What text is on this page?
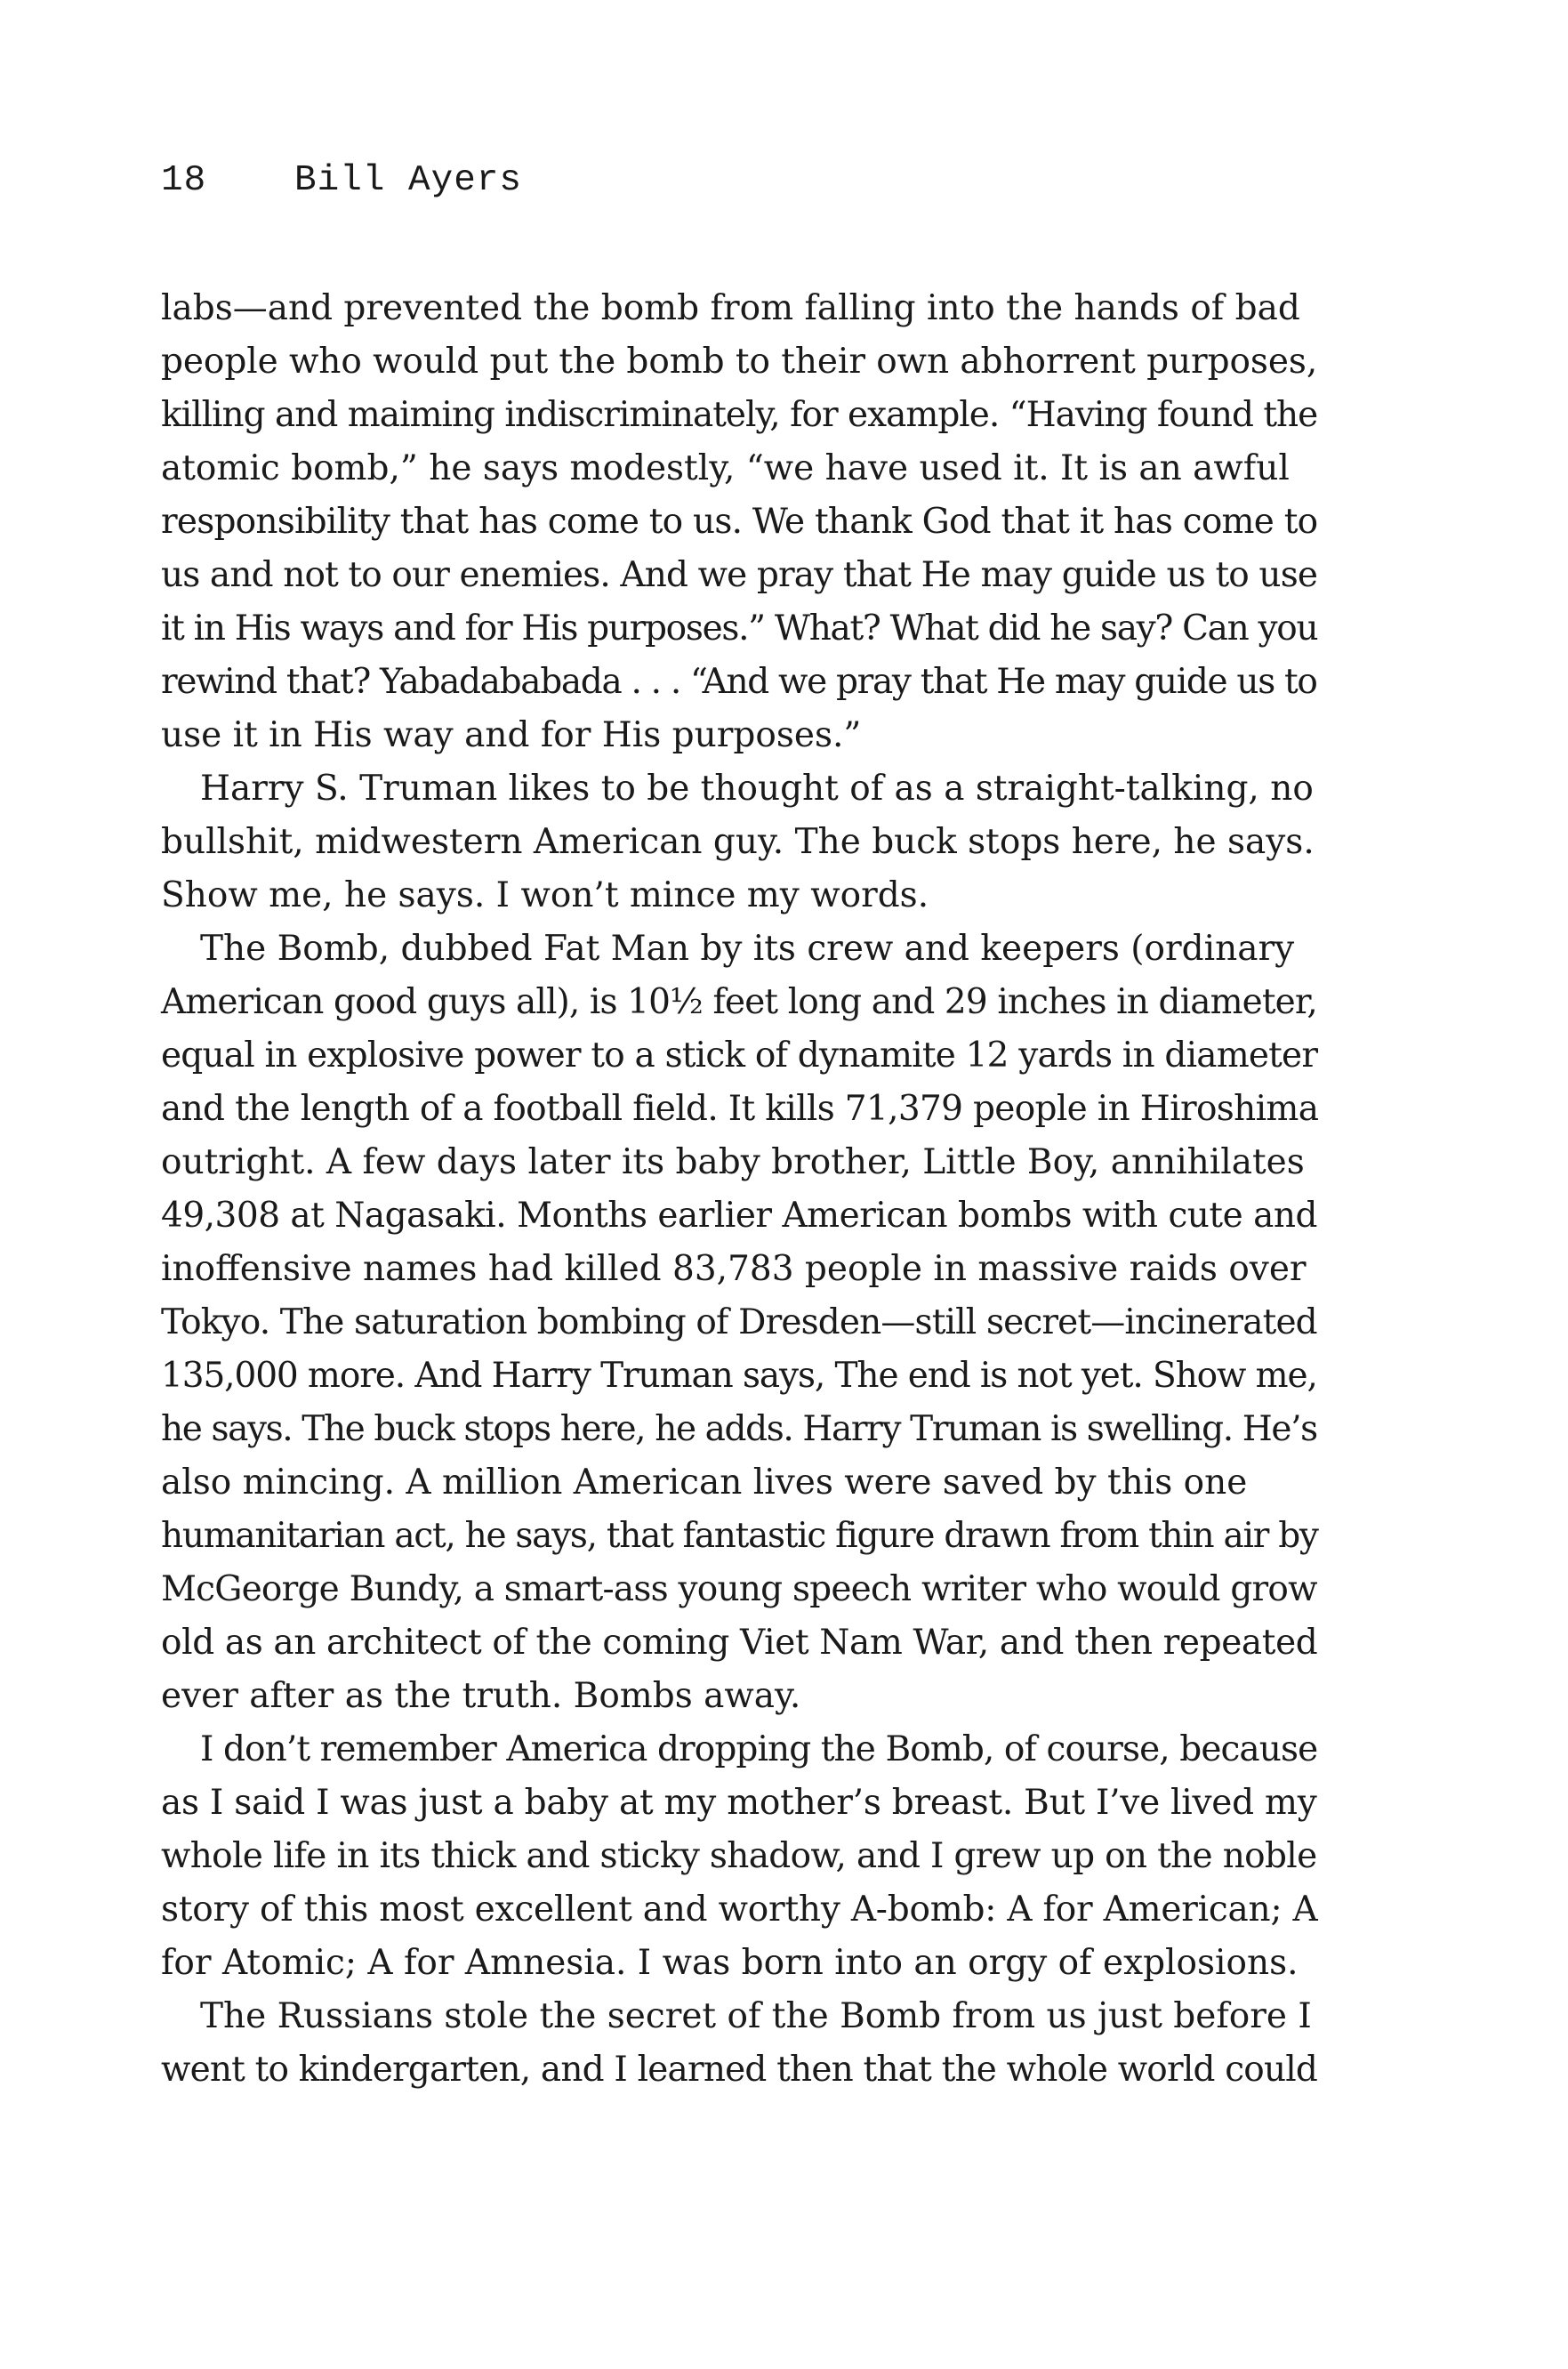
18 Bill Ayers
labs—and prevented the bomb from falling into the hands of bad
people who would put the bomb to their own abhorrent purposes,
killing and maiming indiscriminately, for example. “Having found the
atomic bomb,” he says modestly, “we have used it. It is an awful
responsibility that has come to us. We thank God that it has come to
us and not to our enemies. And we pray that He may guide us to use
it in His ways and for His purposes.” What? What did he say? Can you
rewind that? Yabadababada . . . “And we pray that He may guide us to
use it in His way and for His purposes.”
Harry S. Truman likes to be thought of as a straight-talking, no
bullshit, midwestern American guy. The buck stops here, he says.
Show me, he says. I won’t mince my words.
The Bomb, dubbed Fat Man by its crew and keepers (ordinary
American good guys all), is 10½ feet long and 29 inches in diameter,
equal in explosive power to a stick of dynamite 12 yards in diameter
and the length of a football field. It kills 71,379 people in Hiroshima
outright. A few days later its baby brother, Little Boy, annihilates
49,308 at Nagasaki. Months earlier American bombs with cute and
inoffensive names had killed 83,783 people in massive raids over
Tokyo. The saturation bombing of Dresden—still secret—incinerated
135,000 more. And Harry Truman says, The end is not yet. Show me,
he says. The buck stops here, he adds. Harry Truman is swelling. He’s
also mincing. A million American lives were saved by this one
humanitarian act, he says, that fantastic figure drawn from thin air by
McGeorge Bundy, a smart-ass young speech writer who would grow
old as an architect of the coming Viet Nam War, and then repeated
ever after as the truth. Bombs away.
I don’t remember America dropping the Bomb, of course, because
as I said I was just a baby at my mother’s breast. But I’ve lived my
whole life in its thick and sticky shadow, and I grew up on the noble
story of this most excellent and worthy A-bomb: A for American; A
for Atomic; A for Amnesia. I was born into an orgy of explosions.
The Russians stole the secret of the Bomb from us just before I
went to kindergarten, and I learned then that the whole world could
